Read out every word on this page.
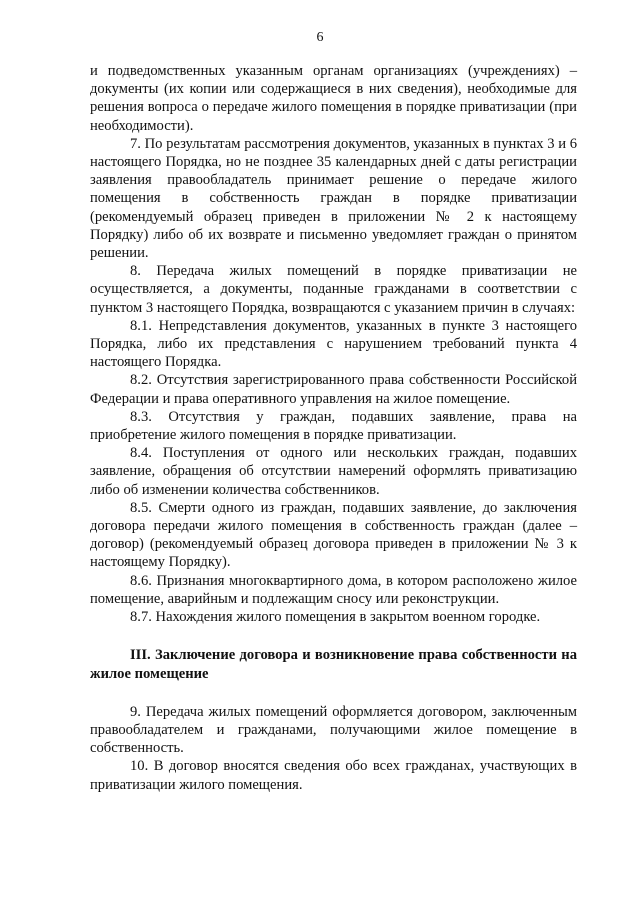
6

и подведомственных указанным органам организациях (учреждениях) – документы (их копии или содержащиеся в них сведения), необходимые для решения вопроса о передаче жилого помещения в порядке приватизации (при необходимости).

7. По результатам рассмотрения документов, указанных в пунктах 3 и 6 настоящего Порядка, но не позднее 35 календарных дней с даты регистрации заявления правообладатель принимает решение о передаче жилого помещения в собственность граждан в порядке приватизации (рекомендуемый образец приведен в приложении № 2 к настоящему Порядку) либо об их возврате и письменно уведомляет граждан о принятом решении.

8. Передача жилых помещений в порядке приватизации не осуществляется, а документы, поданные гражданами в соответствии с пунктом 3 настоящего Порядка, возвращаются с указанием причин в случаях:

8.1. Непредставления документов, указанных в пункте 3 настоящего Порядка, либо их представления с нарушением требований пункта 4 настоящего Порядка.

8.2. Отсутствия зарегистрированного права собственности Российской Федерации и права оперативного управления на жилое помещение.

8.3. Отсутствия у граждан, подавших заявление, права на приобретение жилого помещения в порядке приватизации.

8.4. Поступления от одного или нескольких граждан, подавших заявление, обращения об отсутствии намерений оформлять приватизацию либо об изменении количества собственников.

8.5. Смерти одного из граждан, подавших заявление, до заключения договора передачи жилого помещения в собственность граждан (далее – договор) (рекомендуемый образец договора приведен в приложении № 3 к настоящему Порядку).

8.6. Признания многоквартирного дома, в котором расположено жилое помещение, аварийным и подлежащим сносу или реконструкции.

8.7. Нахождения жилого помещения в закрытом военном городке.

III. Заключение договора и возникновение права собственности на жилое помещение

9. Передача жилых помещений оформляется договором, заключенным правообладателем и гражданами, получающими жилое помещение в собственность.

10. В договор вносятся сведения обо всех гражданах, участвующих в приватизации жилого помещения.
